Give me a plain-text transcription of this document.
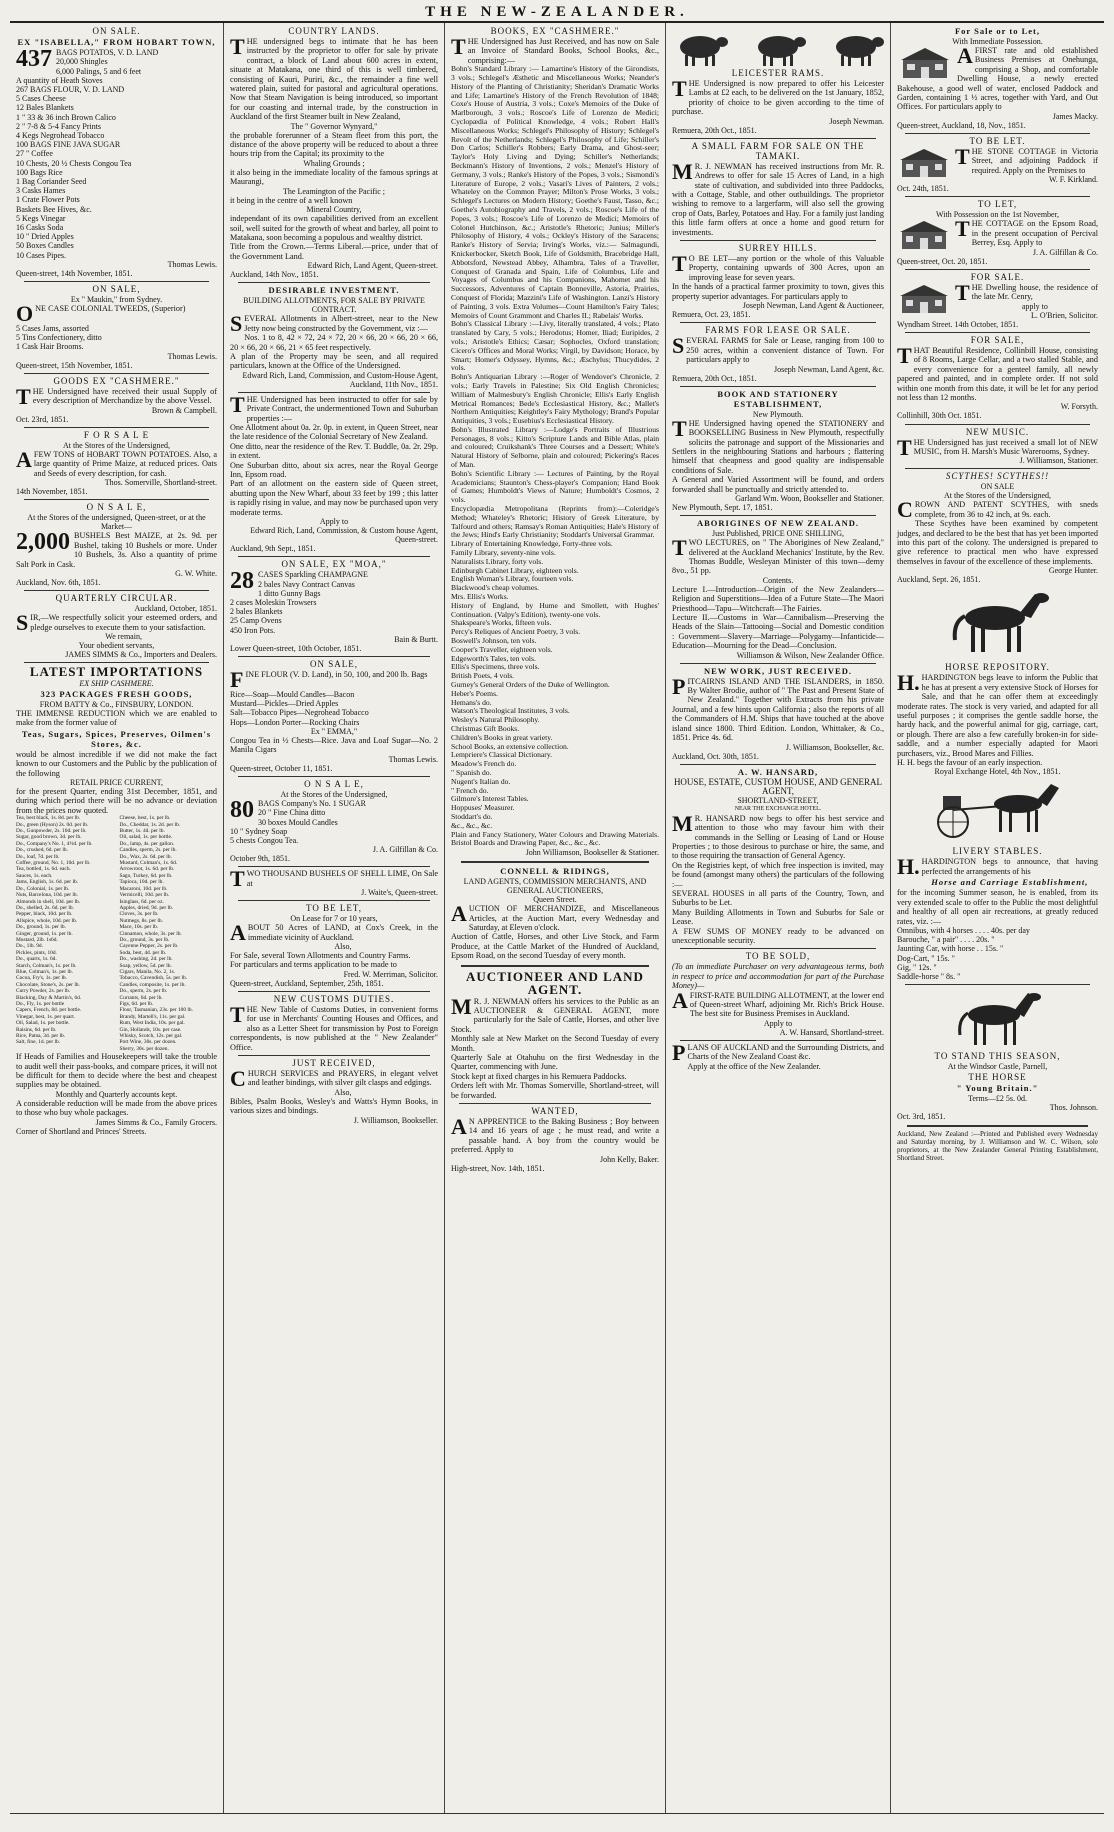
THE NEW-ZEALANDER.
ON SALE.
EX "ISABELLA," FROM HOBART TOWN,
437 BAGS POTATOS, V. D. LAND
20,000 Shingles
6,000 Palings, 5 and 6 feet
A quantity of Heath Stoves
267 BAGS FLOUR, V. D. LAND
5 Cases Cheese
12 Bales Blankets
1 " 33 & 36 inch Brown Calico
2 " 7-8 & 5-4 Fancy Prints
4 Kegs Negrohead Tobacco
100 BAGS FINE JAVA SUGAR
27 " Coffee
10 Chests, 20 ½ Chests Congou Tea
100 Bags Rice
1 Bag Coriander Seed
3 Casks Hames
1 Crate Flower Pots
Baskets Bee Hives, &c.
5 Kegs Vinegar
16 Casks Soda
10 " Dried Apples
50 Boxes Candles
10 Cases Pipes.
Thomas Lewis.
Queen-street, 14th November, 1851.
ON SALE,
Ex " Maukin," from Sydney.

ONE CASE COLONIAL TWEEDS, (Superior)

5 Cases Jams, assorted
5 Tins Confectionery, ditto
1 Cask Hair Brooms.
Thomas Lewis.
Queen-street, 15th November, 1851.
GOODS EX "CASHMERE."

THE Undersigned have received their usual Supply of every description of Merchandize by the above Vessel.

Brown & Campbell.
Oct. 23rd, 1851.
F O R S A L E
At the Stores of the Undersigned,

AFEW TONS of HOBART TOWN POTATOES. Also, a large quantity of Prime Maize, at reduced prices. Oats and Seeds of every description, for cash.

Thos. Somerville, Shortland-street.
14th November, 1851.
O N S A L E,
At the Stores of the undersigned, Queen-street, or at the Market—

2,000 BUSHELS Best MAIZE, at 2s. 9d. per Bushel, taking 10 Bushels or more. Under 10 Bushels, 3s. Also a quantity of prime Salt Pork in Cask.

G. W. White.
Auckland, Nov. 6th, 1851.
QUARTERLY CIRCULAR.
Auckland, October, 1851.

SIR,—We respectfully solicit your esteemed orders, and pledge ourselves to execute them to your satisfaction.

We remain,
Your obedient servants,
JAMES SIMMS & Co., Importers and Dealers.
LATEST IMPORTATIONS
EX SHIP CASHMERE.
323 PACKAGES FRESH GOODS,
FROM BATTY & Co., FINSBURY, LONDON.

THE IMMENSE REDUCTION which we are enabled to make from the former value of

Teas, Sugars, Spices, Preserves, Oilmen's Stores, &c.

would be almost incredible if we did not make the fact known to our Customers and the Public by the publication of the following

RETAIL PRICE CURRENT,

for the present Quarter, ending 31st December, 1851, and during which period there will be no advance or deviation from the prices now quoted.

Tea, best black, 1s. 8d. per lb.
Do., green (Hyson) 2s. 0d. per lb.
Do., Gunpowder, 2s. 10d. per lb.
Sugar, good brown, 3d. per lb.
Do., Company's No. 1, 4½d. per lb.
Do., crushed, 6d. per lb.
Do., loaf, 7d. per lb.
Coffee, ground, No. 1, 10d. per lb.
Tea, bottled, 1s. 6d. each.
Sauces, 1s. each.
Jams, English, 1s. 6d. per lb.
Do., Colonial, 1s. per lb.
Nuts, Barcelona, 10d. per lb.
Almonds in shell, 10d. per lb.
Do., shelled, 2s. 6d. per lb.
Pepper, black, 10d. per lb.
Allspice, whole, 10d. per lb.
Do., ground, 1s. per lb.
Ginger, ground, 1s. per lb.
Mustard, 2lb. 1s6d.
Do., 1lb. 9d.
Pickles, pints, 10d.
Do., quarts, 1s. 6d.
Starch, Colman's, 1s. per lb.
Blue, Colman's, 1s. per lb.
Cocoa, Fry's, 1s. per lb.
Chocolate, Stone's, 2s. per lb.
Curry Powder, 2s. per lb.
Blacking, Day & Martin's, 6d.
Do., Fly, 1s. per bottle
Capers, French, 8d. per bottle.
Vinegar, best, 1s. per quart.
Oil, Salad, 1s. per bottle.
Raisins, 6d. per lb.
Rice, Patna, 3d. per lb.
Salt, fine, 1d. per lb.
Cheese, best, 1s. per lb.
Do., Cheddar, 1s. 2d. per lb.
Butter, 1s. 4d. per lb.
Oil, salad, 1s. per bottle.
Do., lamp, 4s. per gallon.
Candles, sperm, 2s. per lb.
Do., Wax, 2s. 6d. per lb.
Mustard, Colman's, 1s. 6d.
Arrowroot, 1s. 6d. per lb.
Sago, Turkey, 6d. per lb.
Tapioca, 10d. per lb.
Macaroni, 10d. per lb.
Vermicelli, 10d. per lb.
Isinglass, 6d. per oz.
Apples, dried, 9d. per lb.
Cloves, 3s. per lb.
Nutmegs, 8s. per lb.
Mace, 10s. per lb.
Cinnamon, whole, 3s. per lb.
Do., ground, 3s. per lb.
Cayenne Pepper, 2s. per lb.
Soda, best, 4d. per lb.
Do., washing, 2d. per lb.
Soap, yellow, 5d. per lb.
Cigars, Manila, No. 2, 1s.
Tobacco, Cavendish, 5s. per lb.
Candles, composite, 1s. per lb.
Do., sperm, 2s. per lb.
Currants, 6d. per lb.
Figs, 6d. per lb.
Flour, Tasmanian, 23s. per 100 lb.
Brandy, Martell's, 11s. per gal.
Rum, West India, 10s. per gal.
Gin, Hollands, 10s. per case.
Whisky, Scotch, 12s. per gal.
Port Wine, 30s. per dozen.
Sherry, 30s. per dozen.

If Heads of Families and Housekeepers will take the trouble to audit well their pass-books, and compare prices, it will not be difficult for them to decide where the best and cheapest supplies may be obtained.

Monthly and Quarterly accounts kept.

A considerable reduction will be made from the above prices to those who buy whole packages.

James Simms & Co., Family Grocers.
Corner of Shortland and Princes' Streets.
COUNTRY LANDS.

THE undersigned begs to intimate that he has been instructed by the proprietor to offer for sale by private contract, a block of Land about 600 acres in extent, situate at Matakana, one third of this is well timbered, consisting of Kauri, Puriri, &c., the remainder a fine well watered plain, suited for pastoral and agricultural operations. Now that Steam Navigation is being introduced, so important for our coasting and internal trade, by the construction in Auckland of the first Steamer built in New Zealand,

The " Governor Wynyard,"

the probable forerunner of a Steam fleet from this port, the distance of the above property will be reduced to about a three hours trip from the Capital; its proximity to the

Whaling Grounds ;

it also being in the immediate locality of the famous springs at Maurangi,

The Leamington of the Pacific ;

it being in the centre of a well known

Mineral Country,

independant of its own capabilities derived from an excellent soil, well suited for the growth of wheat and barley, all point to Matakana, soon becoming a populous and wealthy district.

Title from the Crown.—Terms Liberal.—price, under that of the Government Land.

Edward Rich, Land Agent, Queen-street.
Auckland, 14th Nov., 1851.
DESIRABLE INVESTMENT.
BUILDING ALLOTMENTS, FOR SALE BY PRIVATE CONTRACT.

SEVERAL Allotments in Albert-street, near to the New Jetty now being constructed by the Government, viz :—

Nos. 1 to 8, 42 × 72, 24 × 72, 20 × 66, 20 × 66, 20 × 66, 20 × 66, 20 × 66, 21 × 65 feet respectively.

A plan of the Property may be seen, and all required particulars, known at the Office of the Undersigned.

Edward Rich, Land, Commission, and Custom-House Agent, Auckland, 11th Nov., 1851.

THE Undersigned has been instructed to offer for sale by Private Contract, the undermentioned Town and Suburban properties :—

One Allotment about 0a. 2r. 0p. in extent, in Queen Street, near the late residence of the Colonial Secretary of New Zealand.

One ditto, near the residence of the Rev. T. Buddle, 0a. 2r. 29p. in extent.

One Suburban ditto, about six acres, near the Royal George Inn, Epsom road.

Part of an allotment on the eastern side of Queen street, abutting upon the New Wharf, about 33 feet by 199 ; this latter is rapidly rising in value, and may now be purchased upon very moderate terms.

Apply to
Edward Rich, Land, Commission, & Custom house Agent, Queen-street.
Auckland, 9th Sept., 1851.
ON SALE, EX "MOA,"
28 CASES Sparkling CHAMPAGNE
2 bales Navy Contract Canvas
1 ditto Gunny Bags
2 cases Moleskin Trowsers
2 bales Blankets
25 Camp Ovens
450 Iron Pots.
Bain & Burtt.
Lower Queen-street, 10th October, 1851.
ON SALE,

FINE FLOUR (V. D. Land), in 50, 100, and 200 lb. Bags

Rice—Soap—Mould Candles—Bacon
Mustard—Pickles—Dried Apples
Salt—Tobacco Pipes—Negrohead Tobacco
Hops—London Porter—Rocking Chairs
Ex " EMMA,"

Congou Tea in ½ Chests—Rice. Java and Loaf Sugar—No. 2 Manila Cigars

Thomas Lewis.
Queen-street, October 11, 1851.
O N S A L E,
At the Stores of the Undersigned,
80 BAGS Company's No. 1 SUGAR
20 " Fine China ditto
30 boxes Mould Candles
10 " Sydney Soap
5 chests Congou Tea.
J. A. Gilfillan & Co.
October 9th, 1851.

TWO THOUSAND BUSHELS OF SHELL LIME, On Sale at

J. Waite's, Queen-street.
TO BE LET,
On Lease for 7 or 10 years,

ABOUT 50 Acres of LAND, at Cox's Creek, in the immediate vicinity of Auckland.

Also,

For Sale, several Town Allotments and Country Farms.

For particulars and terms application to be made to

Fred. W. Merriman, Solicitor.
Queen-street, Auckland, September, 25th, 1851.
NEW CUSTOMS DUTIES.

THE New Table of Customs Duties, in convenient forms for use in Merchants' Counting Houses and Offices, and also as a Letter Sheet for transmission by Post to Foreign correspondents, is now published at the " New Zealander" Office.

JUST RECEIVED,

CHURCH SERVICES and PRAYERS, in elegant velvet and leather bindings, with silver gilt clasps and edgings.

Also,

Bibles, Psalm Books, Wesley's and Watts's Hymn Books, in various sizes and bindings.

J. Williamson, Bookseller.
BOOKS, EX "CASHMERE."

THE Undersigned has Just Received, and has now on Sale an Invoice of Standard Books, School Books, &c., comprising:—

Bohn's Standard Library :— Lamartine's History of the Girondists, 3 vols.; Schlegel's Æsthetic and Miscellaneous Works; Neander's History of the Planting of Christianity; Sheridan's Dramatic Works and Life; Lamartine's History of the French Revolution of 1848; Coxe's House of Austria, 3 vols.; Coxe's Memoirs of the Duke of Marlborough, 3 vols.; Roscoe's Life of Lorenzo de Medici; Cyclopædia of Political Knowledge, 4 vols.; Robert Hall's Miscellaneous Works; Schlegel's Philosophy of History; Schlegel's Revolt of the Netherlands; Schlegel's Philosophy of Life; Schiller's Don Carlos; Schiller's Robbers; Early Drama, and Ghost-seer; Taylor's Holy Living and Dying; Schiller's Netherlands; Beckmann's History of Inventions, 2 vols.; Menzel's History of Germany, 3 vols.; Ranke's History of the Popes, 3 vols.; Sismondi's Literature of Europe, 2 vols.; Vasari's Lives of Painters, 2 vols.; Whateley on the Common Prayer; Milton's Prose Works, 3 vols.; Schlegel's Lectures on Modern History; Goethe's Faust, Tasso, &c.; Goethe's Autobiography and Travels, 2 vols.; Roscoe's Life of the Popes, 3 vols.; Roscoe's Life of Lorenzo de Medici; Memoirs of Colonel Hutchinson, &c.; Aristotle's Rhetoric; Junius; Miller's Philosophy of History, 4 vols.; Ockley's History of the Saracens; Ranke's History of Servia; Irving's Works, viz.:— Salmagundi, Knickerbocker, Sketch Book, Life of Goldsmith, Bracebridge Hall, Abbotsford, Newstead Abbey, Alhambra, Tales of a Traveller, Conquest of Granada and Spain, Life of Columbus, Life and Voyages of Columbus and his Companions, Mahomet and his Successors, Adventures of Captain Bonneville, Astoria, Prairies, Conquest of Florida; Mazzini's Life of Washington. Lanzi's History of Painting, 3 vols. Extra Volumes—Count Hamilton's Fairy Tales; Memoirs of Count Grammont and Charles II.; Rabelais' Works.

Bohn's Classical Library :—Livy, literally translated, 4 vols.; Plato translated by Cary, 5 vols.; Herodotus; Homer, Iliad; Euripides, 2 vols.; Aristotle's Ethics; Cæsar; Sophocles, Oxford translation; Cicero's Offices and Moral Works; Virgil, by Davidson; Horace, by Smart; Homer's Odyssey, Hymns, &c.; Æschylus; Thucydides, 2 vols.

Bohn's Antiquarian Library :—Roger of Wendover's Chronicle, 2 vols.; Early Travels in Palestine; Six Old English Chronicles; William of Malmesbury's English Chronicle; Ellis's Early English Metrical Romances; Bede's Ecclesiastical History, &c.; Mallet's Northern Antiquities; Keightley's Fairy Mythology; Brand's Popular Antiquities, 3 vols.; Eusebius's Ecclesiastical History.

Bohn's Illustrated Library :—Lodge's Portraits of Illustrious Personages, 8 vols.; Kitto's Scripture Lands and Bible Atlas, plain and coloured; Cruikshank's Three Courses and a Dessert; White's Natural History of Selborne, plain and coloured; Pickering's Races of Man.

Bohn's Scientific Library :— Lectures of Painting, by the Royal Academicians; Staunton's Chess-player's Companion; Hand Book of Games; Humboldt's Views of Nature; Humboldt's Cosmos, 2 vols.

Encyclopædia Metropolitana (Reprints from):—Coleridge's Method; Whateley's Rhetoric; History of Greek Literature, by Talfourd and others; Ramsay's Roman Antiquities; Hale's History of the Jews; Hind's Early Christianity; Stoddart's Universal Grammar.

Library of Entertaining Knowledge, Forty-three vols.
Family Library, seventy-nine vols.
Naturalists Library, forty vols.
Edinburgh Cabinet Library, eighteen vols.
English Woman's Library, fourteen vols.
Blackwood's cheap volumes.
Mrs. Ellis's Works.
History of England, by Hume and Smollett, with Hughes' Continuation. (Valpy's Edition), twenty-one vols.
Shakspeare's Works, fifteen vols.
Percy's Reliques of Ancient Poetry, 3 vols.
Boswell's Johnson, ten vols.
Cooper's Traveller, eighteen vols.
Edgeworth's Tales, ten vols.
Ellis's Specimens, three vols.
British Poets, 4 vols.
Gurney's General Orders of the Duke of Wellington.
Heber's Poems.
Hemans's do.
Watson's Theological Institutes, 3 vols.
Wesley's Natural Philosophy.
Christmas Gift Books.
Children's Books in great variety.
School Books, an extensive collection.
Lempriere's Classical Dictionary.
Meadow's French do.
" Spanish do.
Nugent's Italian do.
" French do.
Gilmore's Interest Tables.
Hoppuses' Measurer.
Stoddart's do.
&c., &c., &c.

Plain and Fancy Stationery, Water Colours and Drawing Materials. Bristol Boards and Drawing Paper, &c., &c., &c.

John Williamson, Bookseller & Stationer.
CONNELL & RIDINGS,
LAND AGENTS, COMMISSION MERCHANTS, AND GENERAL AUCTIONEERS,
Queen Street.

AUCTION OF MERCHANDIZE, and Miscellaneous Articles, at the Auction Mart, every Wednesday and Saturday, at Eleven o'clock.

Auction of Cattle, Horses, and other Live Stock, and Farm Produce, at the Cattle Market of the Hundred of Auckland, Epsom Road, on the second Tuesday of every month.

AUCTIONEER AND LAND AGENT.

M R. J. NEWMAN offers his services to the Public as an AUCTIONEER & GENERAL AGENT, more particularly for the Sale of Cattle, Horses, and other live Stock.

Monthly sale at New Market on the Second Tuesday of every Month.

Quarterly Sale at Otahuhu on the first Wednesday in the Quarter, commencing with June.

Stock kept at fixed charges in his Remuera Paddocks.

Orders left with Mr. Thomas Somerville, Shortland-street, will be forwarded.

WANTED,

A N APPRENTICE to the Baking Business ; Boy between 14 and 16 years of age ; he must read, and write a passable hand. A boy from the country would be preferred. Apply to

John Kelly, Baker.
High-street, Nov. 14th, 1851.
LEICESTER RAMS.

THE Undersigned is now prepared to offer his Leicester Lambs at £2 each, to be delivered on the 1st January, 1852, priority of choice to be given according to the time of purchase.

Joseph Newman.
Remuera, 20th Oct., 1851.
A SMALL FARM FOR SALE ON THE TAMAKI.

M R. J. NEWMAN has received instructions from Mr. R. Andrews to offer for sale 15 Acres of Land, in a high state of cultivation, and subdivided into three Paddocks, with a Cottage, Stable, and other outbuildings. The proprietor wishing to remove to a largerfarm, will also sell the growing crop of Oats, Barley, Potatoes and Hay. For a family just landing this little farm offers at once a home and good return for investments.

SURREY HILLS.

T O BE LET—any portion or the whole of this Valuable Property, containing upwards of 300 Acres, upon an improving lease for seven years.

In the hands of a practical farmer proximity to town, gives this property superior advantages. For particulars apply to

Joseph Newman, Land Agent & Auctioneer,
Remuera, Oct. 23, 1851.
FARMS FOR LEASE OR SALE.

SEVERAL FARMS for Sale or Lease, ranging from 100 to 250 acres, within a convenient distance of Town. For particulars apply to

Joseph Newman, Land Agent, &c.
Remuera, 20th Oct., 1851.
BOOK AND STATIONERY ESTABLISHMENT,
New Plymouth.

THE Undersigned having opened the STATIONERY and BOOKSELLING Business in New Plymouth, respectfully solicits the patronage and support of the Missionaries and Settlers in the neighbouring Stations and harbours ; flattering himself that cheapness and good quality are indispensable conditions of Sale.

A General and Varied Assortment will be found, and orders forwarded shall be punctually and strictly attended to.

Garland Wm. Woon, Bookseller and Stationer.
New Plymouth, Sept. 17, 1851.
ABORIGINES OF NEW ZEALAND.
Just Published, PRICE ONE SHILLING,

TWO LECTURES, on " The Aborigines of New Zealand," delivered at the Auckland Mechanics' Institute, by the Rev. Thomas Buddle, Wesleyan Minister of this town—demy 8vo., 51 pp.

Contents.

Lecture I.—Introduction—Origin of the New Zealanders—Religion and Superstitions—Idea of a Future State—The Maori Priesthood—Tapu—Witchcraft—The Fairies.

Lecture II.—Customs in War—Cannibalism—Preserving the Heads of the Slain—Tattooing—Social and Domestic condition : Government—Slavery—Marriage—Polygamy—Infanticide—Education—Mourning for the Dead—Conclusion.

Williamson & Wilson, New Zealander Office.
NEW WORK, JUST RECEIVED.

PITCAIRNS ISLAND AND THE ISLANDERS, in 1850. By Walter Brodie, author of " The Past and Present State of New Zealand." Together with Extracts from his private Journal, and a few hints upon California ; also the reports of all the Commanders of H.M. Ships that have touched at the above island since 1800. Third Edition. London, Whittaker, & Co., 1851. Price 4s. 6d.

J. Williamson, Bookseller, &c.
Auckland, Oct. 30th, 1851.
A. W. HANSARD,
HOUSE, ESTATE, CUSTOM HOUSE, AND GENERAL AGENT,
SHORTLAND-STREET,
NEAR THE EXCHANGE HOTEL.

M R. HANSARD now begs to offer his best service and attention to those who may favour him with their commands in the Selling or Leasing of Land or House Properties ; to those desirous to purchase or hire, the same, and to those requiring the transaction of General Agency.

On the Registries kept, of which free inspection is invited, may be found (amongst many others) the particulars of the following :—

SEVERAL HOUSES in all parts of the Country, Town, and Suburbs to be Let.

Many Building Allotments in Town and Suburbs for Sale or Lease.

A FEW SUMS OF MONEY ready to be advanced on unexceptionable security.

TO BE SOLD,

(To an immediate Purchaser on very advantageous terms, both in respect to price and accommodation for part of the Purchase Money)—

AFIRST-RATE BUILDING ALLOTMENT, at the lower end of Queen-street Wharf, adjoining Mr. Rich's Brick House. The best site for Business Premises in Auckland.

Apply to
A. W. Hansard, Shortland-street.

PLANS OF AUCKLAND and the Surrounding Districts, and Charts of the New Zealand Coast &c.

Apply at the office of the New Zealander.
For Sale or to Let,
With Immediate Possession.

AFIRST rate and old established Business Premises at Onehunga, comprising a Shop, and comfortable Dwelling House, a newly erected Bakehouse, a good well of water, enclosed Paddock and Garden, containing 1 ½ acres, together with Yard, and Out Offices. For particulars apply to

James Macky.
Queen-street, Auckland, 18, Nov., 1851.
TO BE LET.

THE STONE COTTAGE in Victoria Street, and adjoining Paddock if required. Apply on the Premises to

W. F. Kirkland.
Oct. 24th, 1851.
TO LET,
With Possession on the 1st November,

THE COTTAGE on the Epsom Road, in the present occupation of Percival Berrey, Esq. Apply to

J. A. Gilfillan & Co.
Queen-street, Oct. 20, 1851.
FOR SALE.

THE Dwelling house, the residence of the late Mr. Cenry,

apply to
L. O'Brien, Solicitor.
Wyndham Street. 14th October, 1851.
FOR SALE,

THAT Beautiful Residence, Collinbill House, consisting of 8 Rooms, Large Cellar, and a two stalled Stable, and every convenience for a genteel family, all newly papered and painted, and in complete order. If not sold within one month from this date, it will be let for any period not less than 12 months.

W. Forsyth.
Collinhill, 30th Oct. 1851.
NEW MUSIC.

THE Undersigned has just received a small lot of NEW MUSIC, from H. Marsh's Music Warerooms, Sydney.

J. Williamson, Stationer.
SCYTHES! SCYTHES!!
ON SALE
At the Stores of the Undersigned,

CROWN AND PATENT SCYTHES, with sneds complete, from 36 to 42 inch, at 9s. each.

These Scythes have been examined by competent judges, and declared to be the best that has yet been imported into this part of the colony. The undersigned is prepared to give reference to practical men who have expressed themselves in favour of the excellence of these implements.

George Hunter.
Auckland, Sept. 26, 1851.
HORSE REPOSITORY.

H. HARDINGTON begs leave to inform the Public that he has at present a very extensive Stock of Horses for Sale, and that he can offer them at exceedingly moderate rates. The stock is very varied, and adapted for all useful purposes ; it comprises the gentle saddle horse, the hardy hack, and the powerful animal for gig, carriage, cart, or plough. There are also a few carefully broken-in for side-saddle, and a number especially adapted for Maori purchasers, viz., Brood Mares and Fillies.

H. H. begs the favour of an early inspection.

Royal Exchange Hotel, 4th Nov., 1851.
LIVERY STABLES.

H. HARDINGTON begs to announce, that having perfected the arrangements of his

Horse and Carriage Establishment,

for the incoming Summer season, he is enabled, from its very extended scale to offer to the Public the most delightful and healthy of all open air recreations, at greatly reduced rates, viz. :—

Omnibus, with 4 horses . . . . 40s. per day
Barouche, " a pair" . . . . 20s. "
Jaunting Car, with horse . . 15s. "
Dog-Cart, " 15s. "
Gig, " 12s. "
Saddle-horse " 8s. "
TO STAND THIS SEASON,
At the Windsor Castle, Parnell,
THE HORSE
" Young Britain."
Terms—£2 5s. 0d.
Thos. Johnson.
Oct. 3rd, 1851.

Auckland, New Zealand :—Printed and Published every Wednesday and Saturday morning, by J. Williamson and W. C. Wilson, sole proprietors, at the New Zealander General Printing Establishment, Shortland Street.
